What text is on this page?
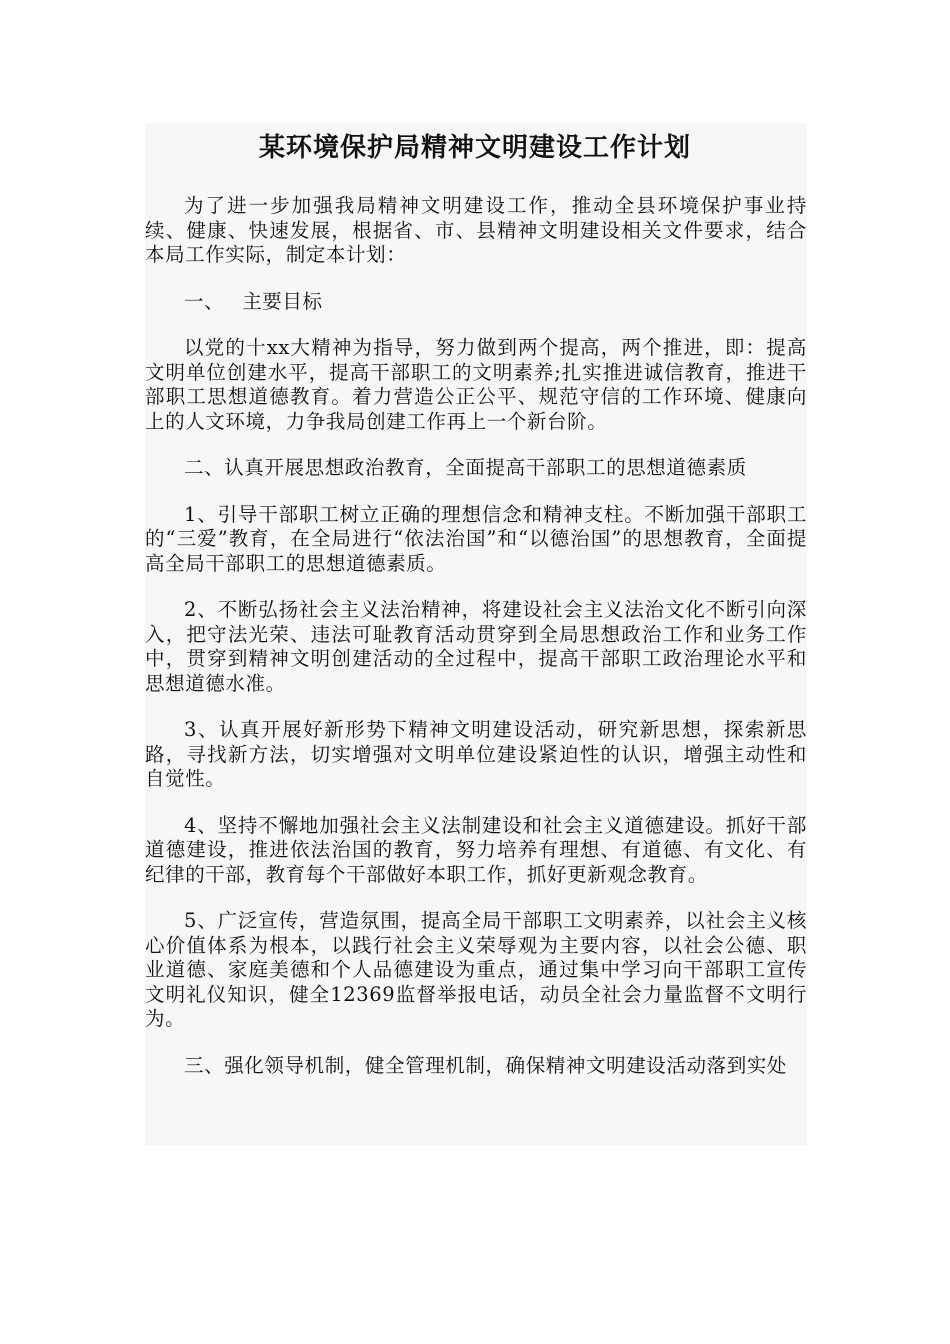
某环境保护局精神文明建设工作计划

为了进一步加强我局精神文明建设工作，推动全县环境保护事业持续、健康、快速发展，根据省、市、县精神文明建设相关文件要求，结合本局工作实际，制定本计划：

一、 主要目标

以党的十xx大精神为指导，努力做到两个提高，两个推进，即：提高文明单位创建水平，提高干部职工的文明素养;扎实推进诚信教育，推进干部职工思想道德教育。着力营造公正公平、规范守信的工作环境、健康向上的人文环境，力争我局创建工作再上一个新台阶。

二、认真开展思想政治教育，全面提高干部职工的思想道德素质

1、引导干部职工树立正确的理想信念和精神支柱。不断加强干部职工的“三爱”教育，在全局进行“依法治国”和“以德治国”的思想教育，全面提高全局干部职工的思想道德素质。

2、不断弘扬社会主义法治精神，将建设社会主义法治文化不断引向深入，把守法光荣、违法可耻教育活动贯穿到全局思想政治工作和业务工作中，贯穿到精神文明创建活动的全过程中，提高干部职工政治理论水平和思想道德水准。

3、认真开展好新形势下精神文明建设活动，研究新思想，探索新思路，寻找新方法，切实增强对文明单位建设紧迫性的认识，增强主动性和自觉性。

4、坚持不懈地加强社会主义法制建设和社会主义道德建设。抓好干部道德建设，推进依法治国的教育，努力培养有理想、有道德、有文化、有纪律的干部，教育每个干部做好本职工作，抓好更新观念教育。

5、广泛宣传，营造氛围，提高全局干部职工文明素养，以社会主义核心价值体系为根本，以践行社会主义荣辱观为主要内容，以社会公德、职业道德、家庭美德和个人品德建设为重点，通过集中学习向干部职工宣传文明礼仪知识，健全12369监督举报电话，动员全社会力量监督不文明行为。

三、强化领导机制，健全管理机制，确保精神文明建设活动落到实处
